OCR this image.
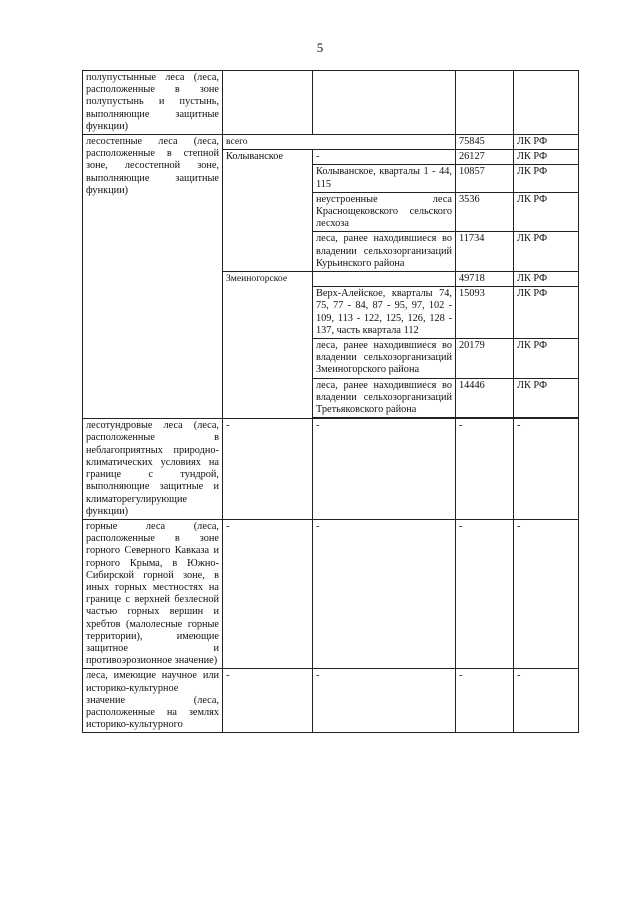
5
полупустынные леса (леса, расположенные в зоне полупустынь и пустынь, выполняющие защитные функции)				
лесостепные леса (леса, расположенные в степной зоне, лесостепной зоне, выполняющие защитные функции)	всего		75845	ЛК РФ
	Колыванское	-	26127	ЛК РФ
		Колыванское, кварталы 1 - 44, 115	10857	ЛК РФ
		неустроенные леса Краснощековского сельского лесхоза	3536	ЛК РФ
		леса, ранее находившиеся во владении сельхозорганизаций Курьинского района	11734	ЛК РФ
	Змеиногорское		49718	ЛК РФ
		Верх-Алейское, кварталы 74, 75, 77 - 84, 87 - 95, 97, 102 - 109, 113 - 122, 125, 126, 128 - 137, часть квартала 112	15093	ЛК РФ
		леса, ранее находившиеся во владении сельхозорганизаций Змеиногорского района	20179	ЛК РФ
		леса, ранее находившиеся во владении сельхозорганизаций Третьяковского района	14446	ЛК РФ

лесотундровые леса (леса, расположенные в неблагоприятных природно-климатических условиях на границе с тундрой, выполняющие защитные и климаторегулирующие функции)	-	-	-	-
горные леса (леса, расположенные в зоне горного Северного Кавказа и горного Крыма, в Южно-Сибирской горной зоне, в иных горных местностях на границе с верхней безлесной частью горных вершин и хребтов (малолесные горные территории), имеющие защитное и противоэрозионное значение)	-	-	-	-
леса, имеющие научное или историко-культурное значение (леса, расположенные на землях историко-культурного	-	-	-	-
